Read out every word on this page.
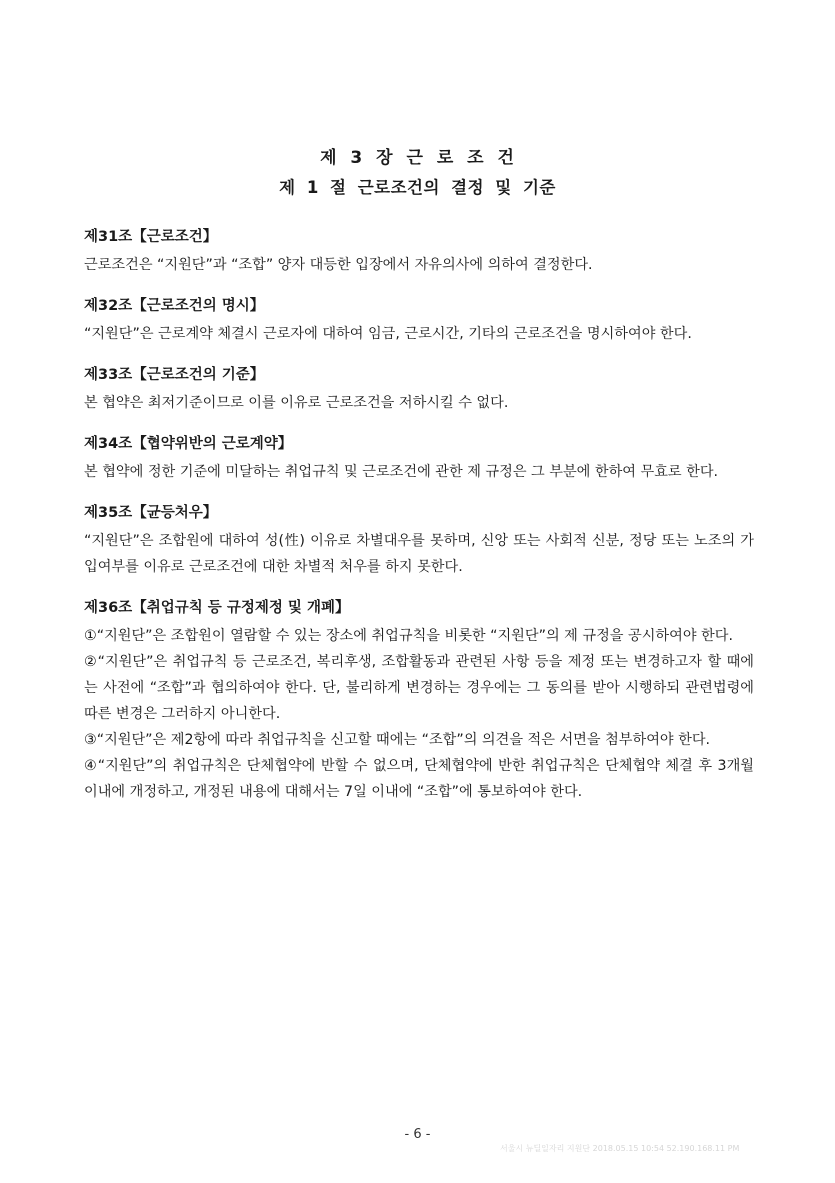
제 3 장 근 로 조 건
제 1 절 근로조건의 결정 및 기준
제31조【근로조건】

근로조건은 “지원단”과 “조합” 양자 대등한 입장에서 자유의사에 의하여 결정한다.

제32조【근로조건의 명시】

“지원단”은 근로계약 체결시 근로자에 대하여 임금, 근로시간, 기타의 근로조건을 명시하여야 한다.

제33조【근로조건의 기준】

본 협약은 최저기준이므로 이를 이유로 근로조건을 저하시킬 수 없다.

제34조【협약위반의 근로계약】

본 협약에 정한 기준에 미달하는 취업규칙 및 근로조건에 관한 제 규정은 그 부분에 한하여 무효로 한다.

제35조【균등처우】

“지원단”은 조합원에 대하여 성(性) 이유로 차별대우를 못하며, 신앙 또는 사회적 신분, 정당 또는 노조의 가입여부를 이유로 근로조건에 대한 차별적 처우를 하지 못한다.

제36조【취업규칙 등 규정제정 및 개폐】

①“지원단”은 조합원이 열람할 수 있는 장소에 취업규칙을 비롯한 “지원단”의 제 규정을 공시하여야 한다.

②“지원단”은 취업규칙 등 근로조건, 복리후생, 조합활동과 관련된 사항 등을 제정 또는 변경하고자 할 때에는 사전에 “조합”과 협의하여야 한다. 단, 불리하게 변경하는 경우에는 그 동의를 받아 시행하되 관련법령에 따른 변경은 그러하지 아니한다.

③“지원단”은 제2항에 따라 취업규칙을 신고할 때에는 “조합”의 의견을 적은 서면을 첨부하여야 한다.

④“지원단”의 취업규칙은 단체협약에 반할 수 없으며, 단체협약에 반한 취업규칙은 단체협약 체결 후 3개월 이내에 개정하고, 개정된 내용에 대해서는 7일 이내에 “조합”에 통보하여야 한다.

- 6 -
서울시 뉴딜일자리 지원단 2018.05.15 10:54 52.190.168.11 PM
